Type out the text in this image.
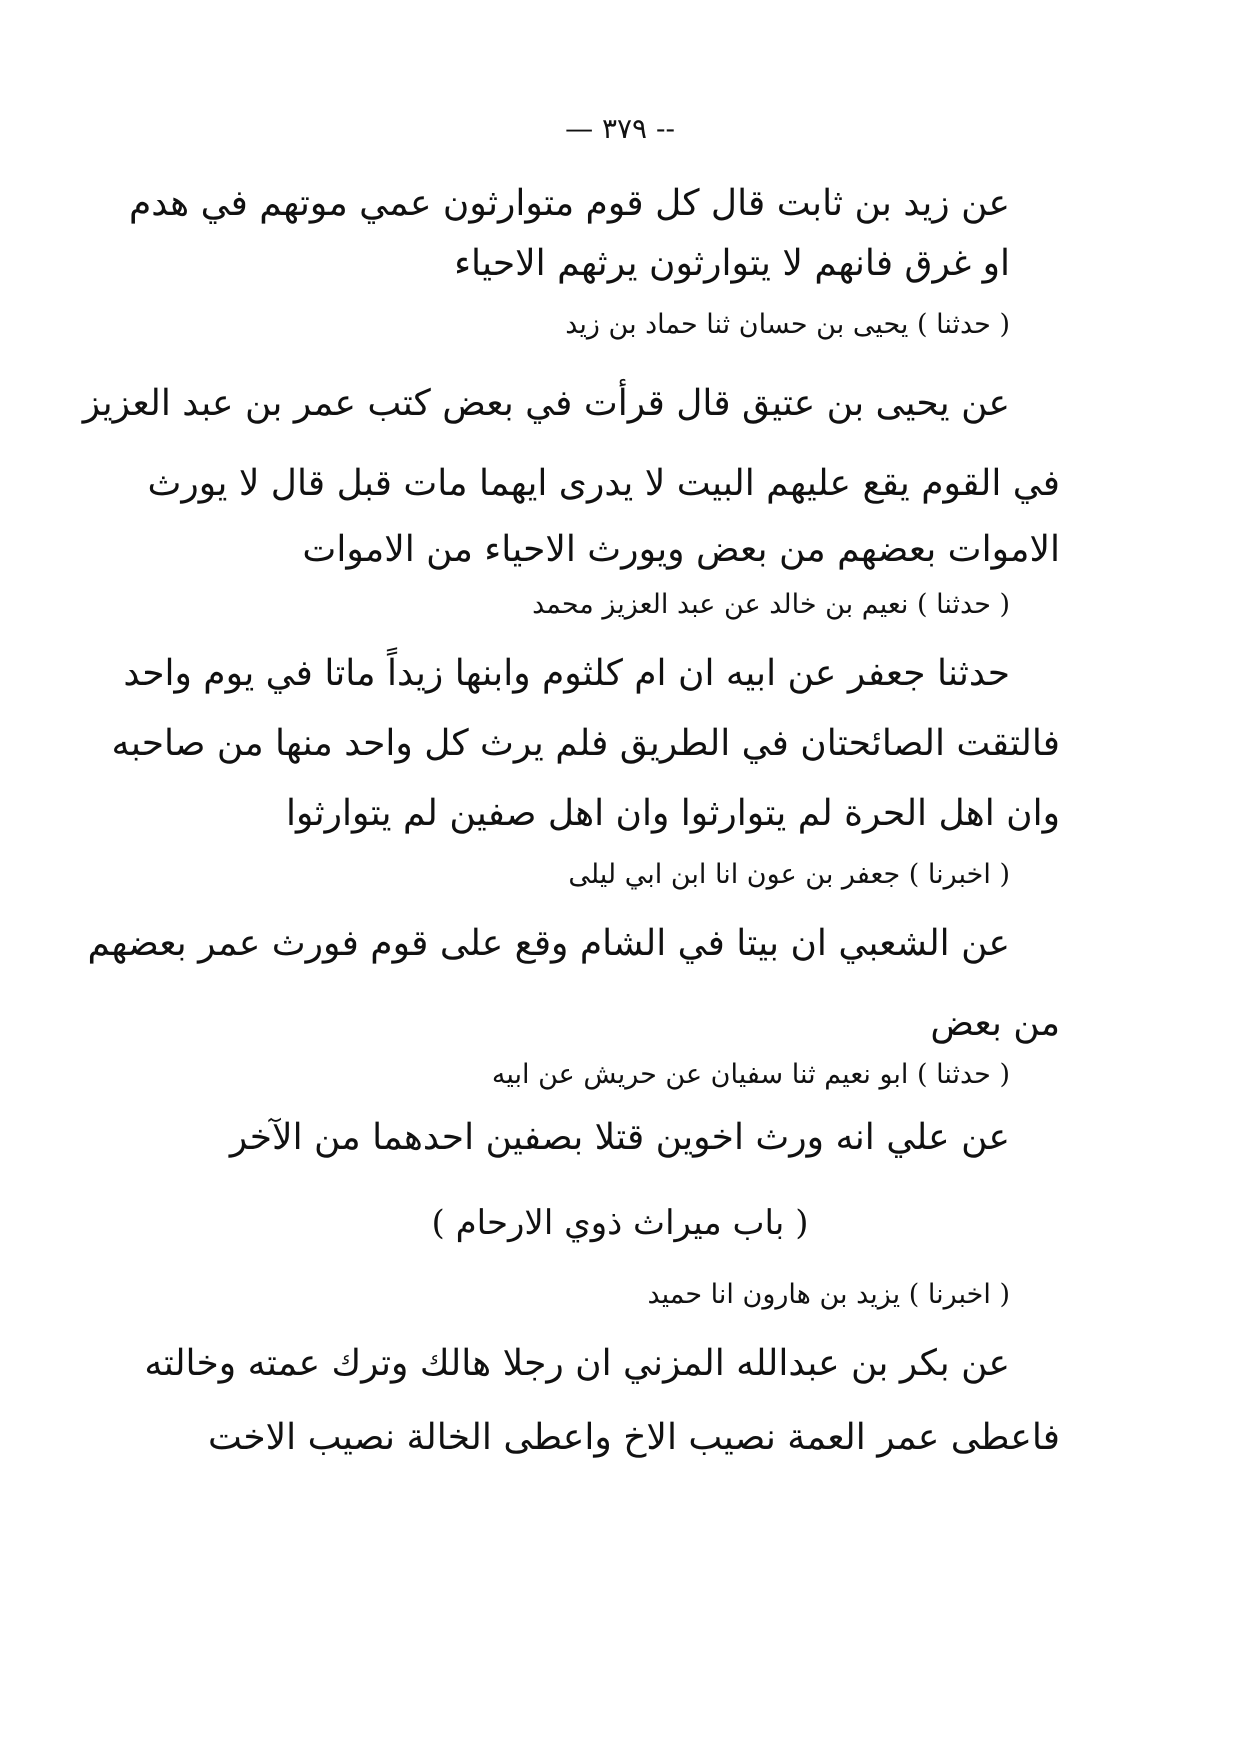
-- ٣٧٩ —
عن زيد بن ثابت قال كل قوم متوارثون عمي موتهم في هدم
او غرق فانهم لا يتوارثون يرثهم الاحياء
( حدثنا ) يحيى بن حسان ثنا حماد بن زيد
عن يحيى بن عتيق قال قرأت في بعض كتب عمر بن عبد العزيز
في القوم يقع عليهم البيت لا يدرى ايهما مات قبل قال لا يورث
الاموات بعضهم من بعض ويورث الاحياء من الاموات
( حدثنا ) نعيم بن خالد عن عبد العزيز محمد
حدثنا جعفر عن ابيه ان ام كلثوم وابنها زيداً ماتا في يوم واحد
فالتقت الصائحتان في الطريق فلم يرث كل واحد منها من صاحبه
وان اهل الحرة لم يتوارثوا وان اهل صفين لم يتوارثوا
( اخبرنا ) جعفر بن عون انا ابن ابي ليلى
عن الشعبي ان بيتا في الشام وقع على قوم فورث عمر بعضهم
من بعض
( حدثنا ) ابو نعيم ثنا سفيان عن حريش عن ابيه
عن علي انه ورث اخوين قتلا بصفين احدهما من الآخر
( باب ميراث ذوي الارحام )
( اخبرنا ) يزيد بن هارون انا حميد
عن بكر بن عبدالله المزني ان رجلا هالك وترك عمته وخالته
فاعطى عمر العمة نصيب الاخ واعطى الخالة نصيب الاخت
